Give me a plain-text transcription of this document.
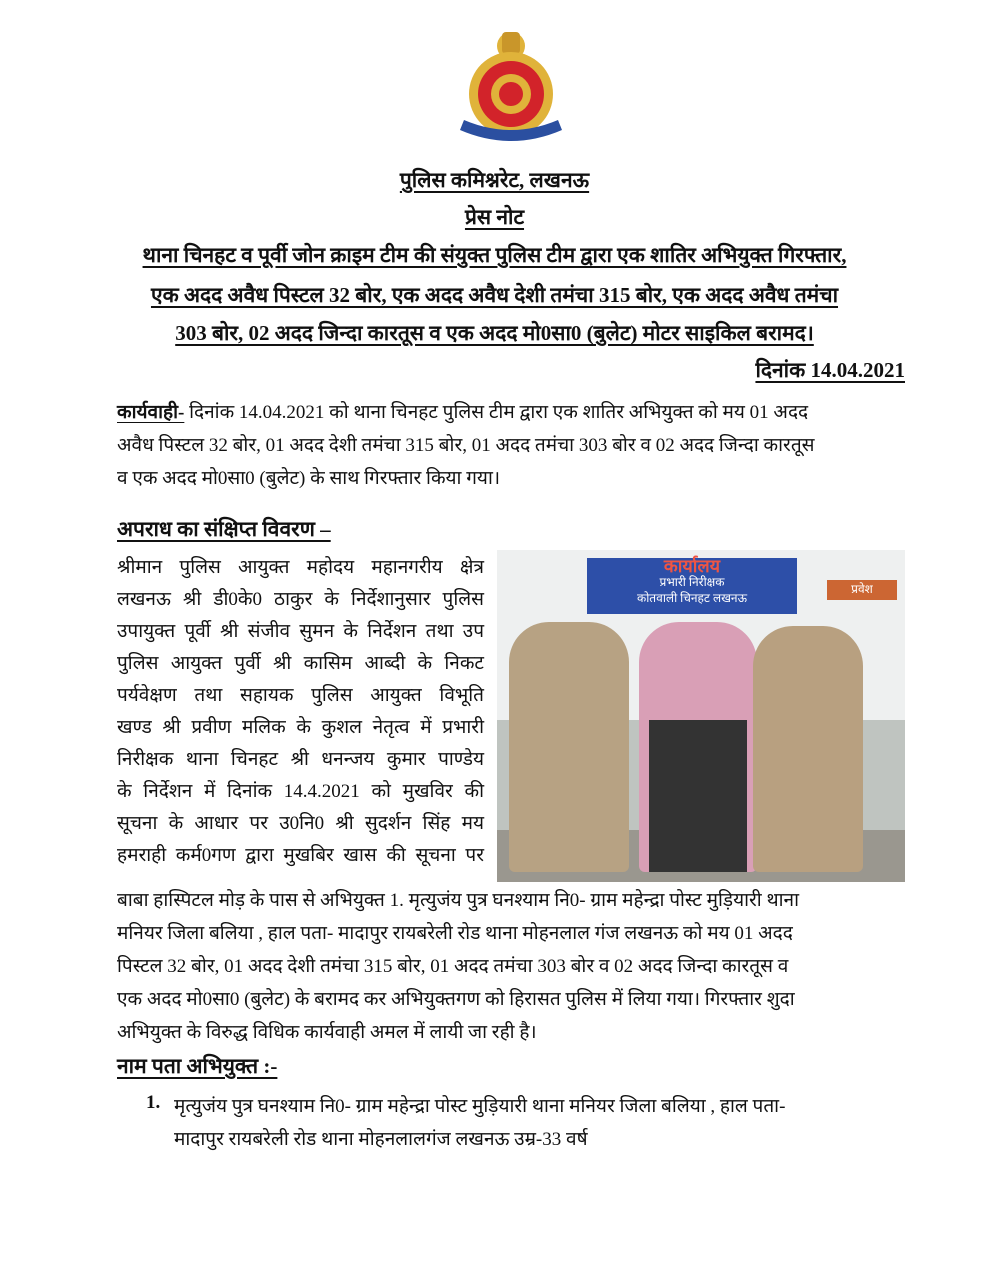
पुलिस कमिश्नरेट, लखनऊ
प्रेस नोट
थाना चिनहट व पूर्वी जोन क्राइम टीम की संयुक्त पुलिस टीम द्वारा एक शातिर अभियुक्त गिरफ्तार,
एक अदद अवैध पिस्टल 32 बोर, एक अदद अवैध देशी तमंचा 315 बोर, एक अदद अवैध तमंचा
303 बोर, 02 अदद जिन्दा कारतूस व एक अदद मो0सा0 (बुलेट) मोटर साइकिल बरामद।
दिनांक 14.04.2021
कार्यवाही- दिनांक 14.04.2021 को थाना चिनहट पुलिस टीम द्वारा एक शातिर अभियुक्त को मय 01 अदद
अवैध पिस्टल 32 बोर, 01 अदद देशी तमंचा 315 बोर, 01 अदद तमंचा 303 बोर व 02 अदद जिन्दा कारतूस
व एक अदद मो0सा0 (बुलेट) के साथ गिरफ्तार किया गया।
अपराध का संक्षिप्त विवरण –
श्रीमान पुलिस आयुक्त महोदय महानगरीय क्षेत्र
लखनऊ श्री डी0के0 ठाकुर के निर्देशानुसार पुलिस
उपायुक्त पूर्वी श्री संजीव सुमन के निर्देशन तथा उप
पुलिस आयुक्त पुर्वी श्री कासिम आब्दी के निकट
पर्यवेक्षण तथा सहायक पुलिस आयुक्त विभूति
खण्ड श्री प्रवीण मलिक के कुशल नेतृत्व में प्रभारी
निरीक्षक थाना चिनहट श्री धनन्जय कुमार पाण्डेय
के निर्देशन में दिनांक 14.4.2021 को मुखविर की
सूचना के आधार पर उ0नि0 श्री सुदर्शन सिंह मय
हमराही कर्म0गण द्वारा मुखबिर खास की सूचना पर
कार्यालय
प्रभारी निरीक्षक
कोतवाली चिनहट लखनऊ
प्रवेश
बाबा हास्पिटल मोड़ के पास से अभियुक्त 1. मृत्युजंय पुत्र घनश्याम नि0- ग्राम महेन्द्रा पोस्ट मुड़ियारी थाना
मनियर जिला बलिया , हाल पता- मादापुर रायबरेली रोड थाना मोहनलाल गंज लखनऊ को मय 01 अदद
पिस्टल 32 बोर, 01 अदद देशी तमंचा 315 बोर, 01 अदद तमंचा 303 बोर व 02 अदद जिन्दा कारतूस व
एक अदद मो0सा0 (बुलेट) के बरामद कर अभियुक्तगण को हिरासत पुलिस में लिया गया। गिरफ्तार शुदा
अभियुक्त के विरुद्ध विधिक कार्यवाही अमल में लायी जा रही है।
नाम पता अभियुक्त :-
1. मृत्युजंय पुत्र घनश्याम नि0- ग्राम महेन्द्रा पोस्ट मुड़ियारी थाना मनियर जिला बलिया , हाल पता-
मादापुर रायबरेली रोड थाना मोहनलालगंज लखनऊ उम्र-33 वर्ष
